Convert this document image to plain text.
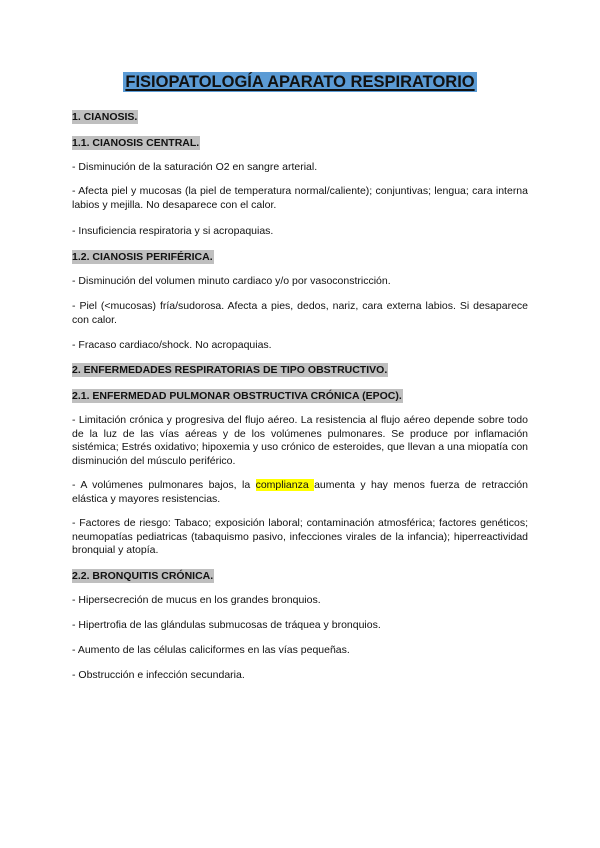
FISIOPATOLOGÍA APARATO RESPIRATORIO
1. CIANOSIS.
1.1. CIANOSIS CENTRAL.
- Disminución de la saturación O2 en sangre arterial.
- Afecta piel y mucosas (la piel de temperatura normal/caliente); conjuntivas; lengua; cara interna labios y mejilla. No desaparece con el calor.
- Insuficiencia respiratoria y si acropaquias.
1.2. CIANOSIS PERIFÉRICA.
- Disminución del volumen minuto cardiaco y/o por vasoconstricción.
- Piel (<mucosas) fría/sudorosa. Afecta a pies, dedos, nariz, cara externa labios. Si desaparece con calor.
- Fracaso cardiaco/shock. No acropaquias.
2. ENFERMEDADES RESPIRATORIAS DE TIPO OBSTRUCTIVO.
2.1. ENFERMEDAD PULMONAR OBSTRUCTIVA CRÓNICA (EPOC).
- Limitación crónica y progresiva del flujo aéreo. La resistencia al flujo aéreo depende sobre todo de la luz de las vías aéreas y de los volúmenes pulmonares. Se produce por inflamación sistémica; Estrés oxidativo; hipoxemia y uso crónico de esteroides, que llevan a una miopatía con disminución del músculo periférico.
- A volúmenes pulmonares bajos, la complianza aumenta y hay menos fuerza de retracción elástica y mayores resistencias.
- Factores de riesgo: Tabaco; exposición laboral; contaminación atmosférica; factores genéticos; neumopatías pediatricas (tabaquismo pasivo, infecciones virales de la infancia); hiperreactividad bronquial y atopía.
2.2. BRONQUITIS CRÓNICA.
- Hipersecreción de mucus en los grandes bronquios.
- Hipertrofia de las glándulas submucosas de tráquea y bronquios.
- Aumento de las células caliciformes en las vías pequeñas.
- Obstrucción e infección secundaria.
